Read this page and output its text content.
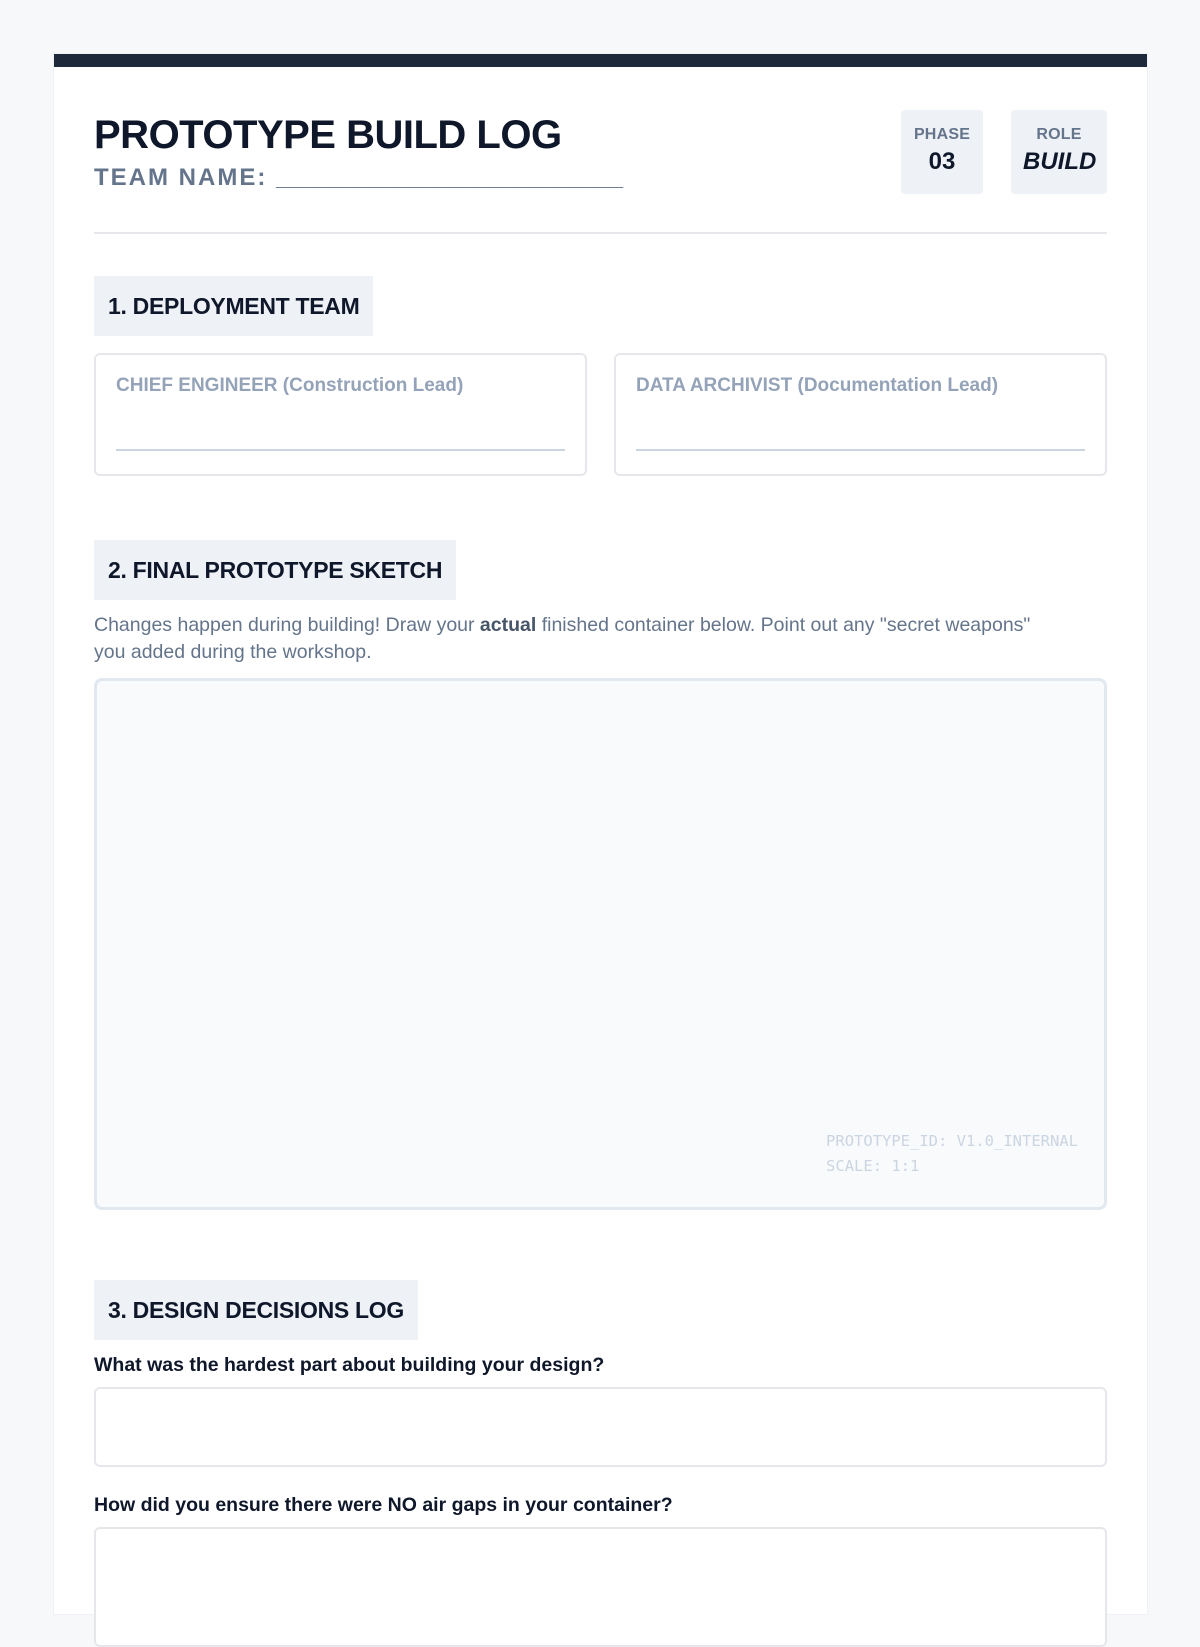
PROTOTYPE BUILD LOG
TEAM NAME: __________________________
PHASE
03
ROLE
BUILD
1. DEPLOYMENT TEAM
CHIEF ENGINEER (Construction Lead)	DATA ARCHIVIST (Documentation Lead)
2. FINAL PROTOTYPE SKETCH

Changes happen during building! Draw your actual finished container below. Point out any "secret weapons" you added during the workshop.

PROTOTYPE_ID: V1.0_INTERNAL
SCALE: 1:1
3. DESIGN DECISIONS LOG
What was the hardest part about building your design?
How did you ensure there were NO air gaps in your container?
